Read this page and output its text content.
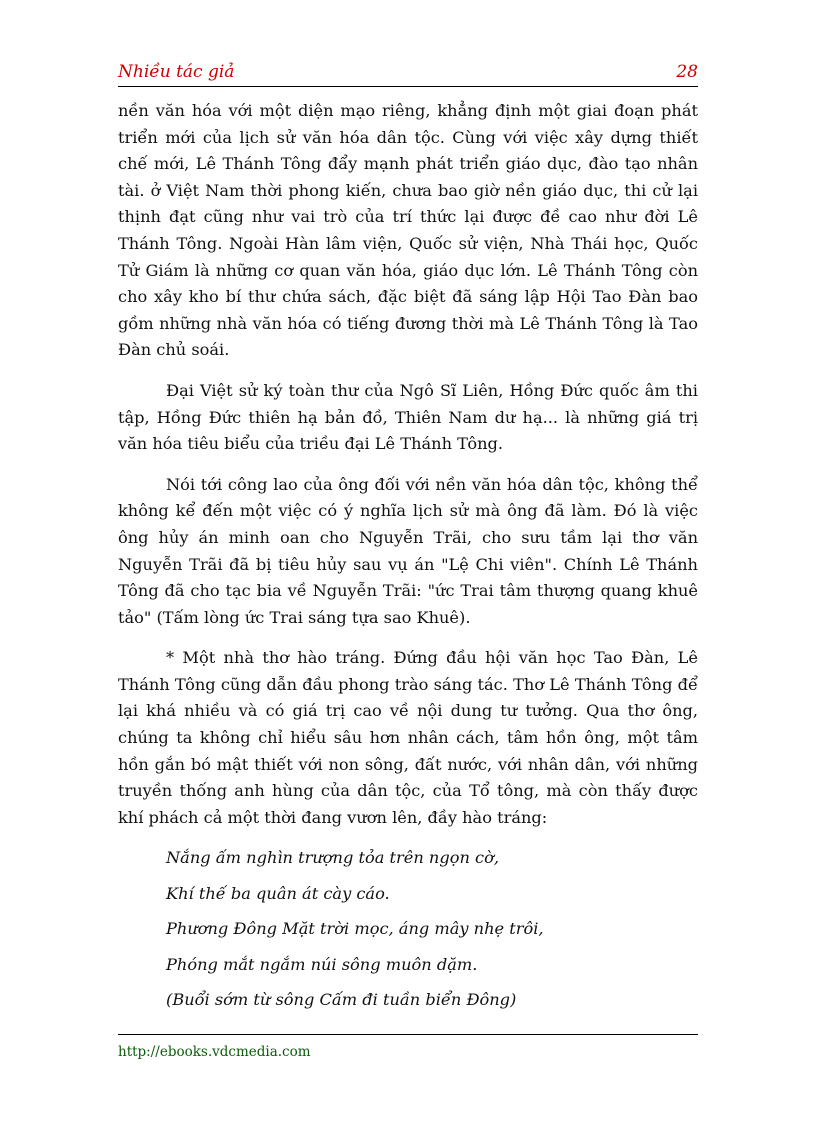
Nhiều tác giả	28

nền văn hóa với một diện mạo riêng, khẳng định một giai đoạn phát triển mới của lịch sử văn hóa dân tộc. Cùng với việc xây dựng thiết chế mới, Lê Thánh Tông đẩy mạnh phát triển giáo dục, đào tạo nhân tài. ở Việt Nam thời phong kiến, chưa bao giờ nền giáo dục, thi cử lại thịnh đạt cũng như vai trò của trí thức lại được đề cao như đời Lê Thánh Tông. Ngoài Hàn lâm viện, Quốc sử viện, Nhà Thái học, Quốc Tử Giám là những cơ quan văn hóa, giáo dục lớn. Lê Thánh Tông còn cho xây kho bí thư chứa sách, đặc biệt đã sáng lập Hội Tao Đàn bao gồm những nhà văn hóa có tiếng đương thời mà Lê Thánh Tông là Tao Đàn chủ soái.

Đại Việt sử ký toàn thư của Ngô Sĩ Liên, Hồng Đức quốc âm thi tập, Hồng Đức thiên hạ bản đồ, Thiên Nam dư hạ... là những giá trị văn hóa tiêu biểu của triều đại Lê Thánh Tông.

Nói tới công lao của ông đối với nền văn hóa dân tộc, không thể không kể đến một việc có ý nghĩa lịch sử mà ông đã làm. Đó là việc ông hủy án minh oan cho Nguyễn Trãi, cho sưu tầm lại thơ văn Nguyễn Trãi đã bị tiêu hủy sau vụ án "Lệ Chi viên". Chính Lê Thánh Tông đã cho tạc bia về Nguyễn Trãi: "ức Trai tâm thượng quang khuê tảo" (Tấm lòng ức Trai sáng tựa sao Khuê).

* Một nhà thơ hào tráng. Đứng đầu hội văn học Tao Đàn, Lê Thánh Tông cũng dẫn đầu phong trào sáng tác. Thơ Lê Thánh Tông để lại khá nhiều và có giá trị cao về nội dung tư tưởng. Qua thơ ông, chúng ta không chỉ hiểu sâu hơn nhân cách, tâm hồn ông, một tâm hồn gắn bó mật thiết với non sông, đất nước, với nhân dân, với những truyền thống anh hùng của dân tộc, của Tổ tông, mà còn thấy được khí phách cả một thời đang vươn lên, đầy hào tráng:

Nắng ấm nghìn trượng tỏa trên ngọn cờ,
Khí thế ba quân át cày cáo.
Phương Đông Mặt trời mọc, áng mây nhẹ trôi,
Phóng mắt ngắm núi sông muôn dặm.
(Buổi sớm từ sông Cấm đi tuần biển Đông)
http://ebooks.vdcmedia.com
